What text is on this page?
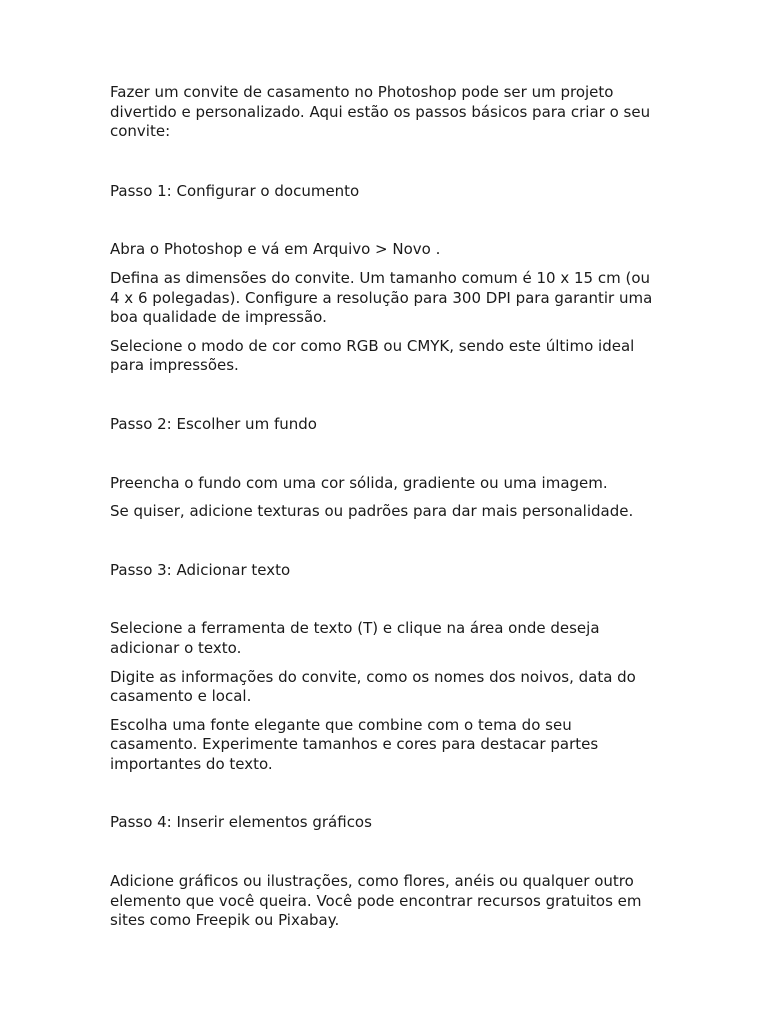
Fazer um convite de casamento no Photoshop pode ser um projeto divertido e personalizado. Aqui estão os passos básicos para criar o seu convite:

Passo 1: Configurar o documento

Abra o Photoshop e vá em Arquivo > Novo .

Defina as dimensões do convite. Um tamanho comum é 10 x 15 cm (ou 4 x 6 polegadas). Configure a resolução para 300 DPI para garantir uma boa qualidade de impressão.

Selecione o modo de cor como RGB ou CMYK, sendo este último ideal para impressões.

Passo 2: Escolher um fundo

Preencha o fundo com uma cor sólida, gradiente ou uma imagem.

Se quiser, adicione texturas ou padrões para dar mais personalidade.

Passo 3: Adicionar texto

Selecione a ferramenta de texto (T) e clique na área onde deseja adicionar o texto.

Digite as informações do convite, como os nomes dos noivos, data do casamento e local.

Escolha uma fonte elegante que combine com o tema do seu casamento. Experimente tamanhos e cores para destacar partes importantes do texto.

Passo 4: Inserir elementos gráficos

Adicione gráficos ou ilustrações, como flores, anéis ou qualquer outro elemento que você queira. Você pode encontrar recursos gratuitos em sites como Freepik ou Pixabay.
